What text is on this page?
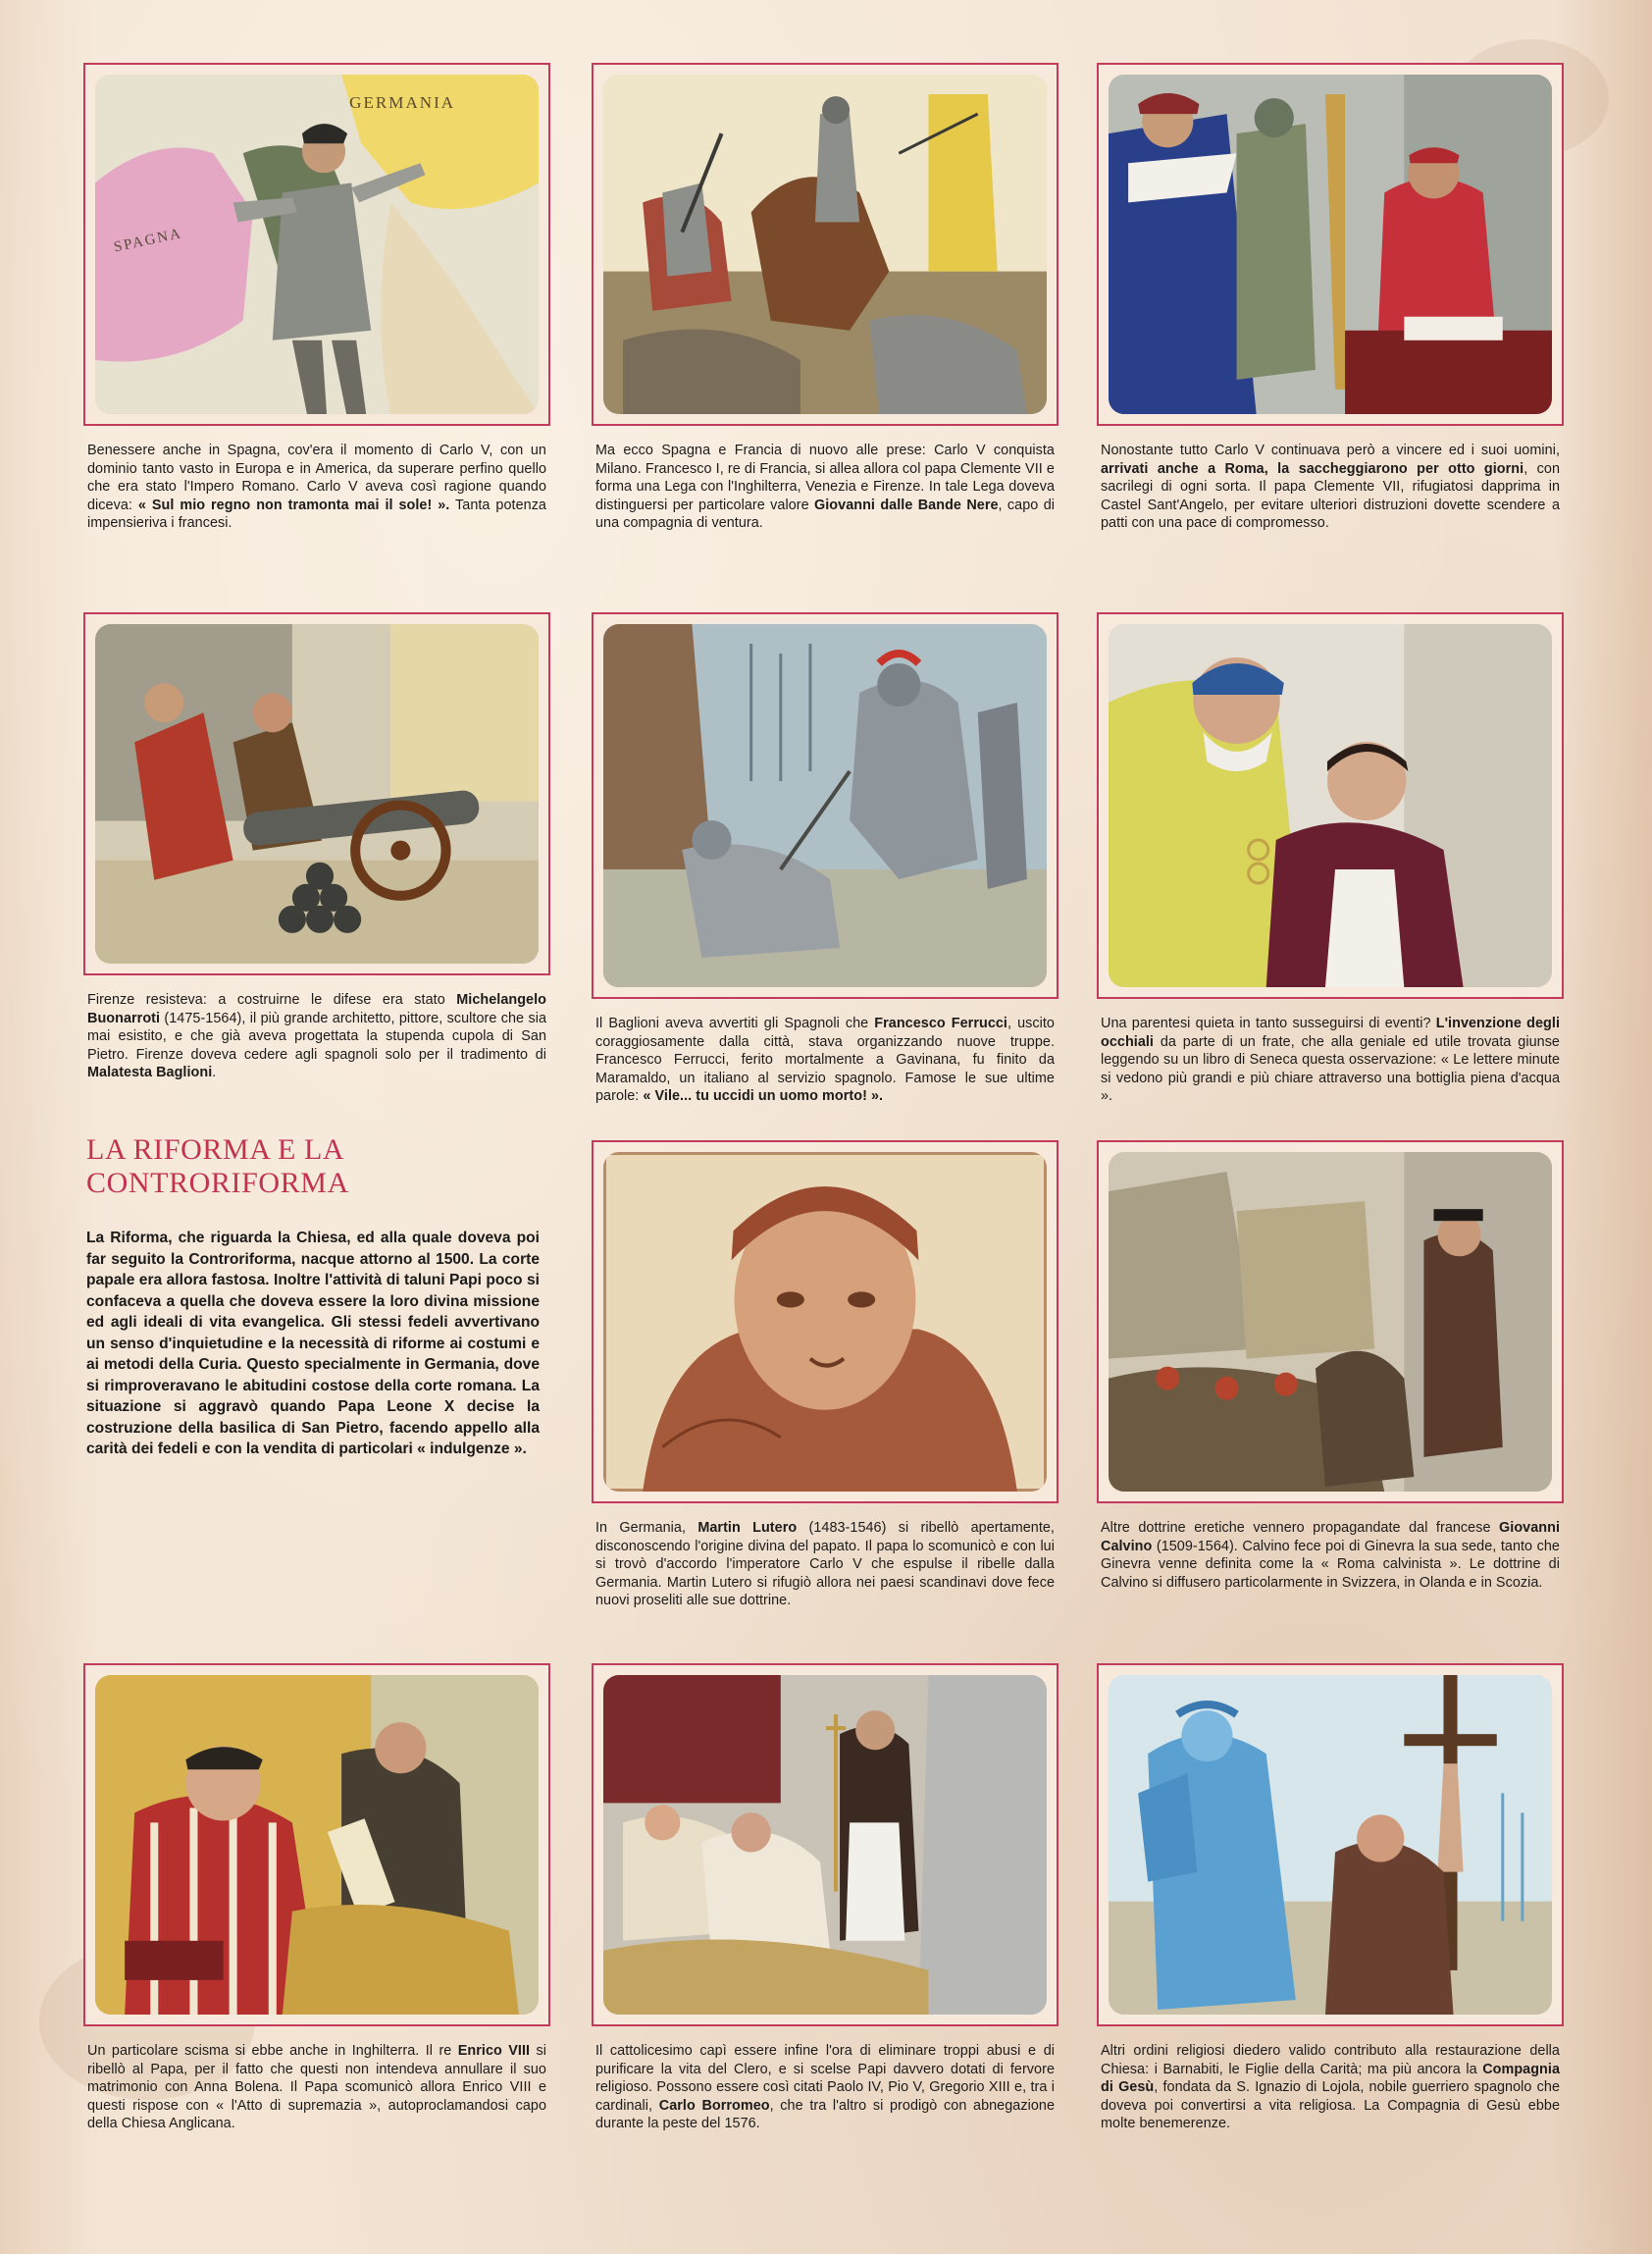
GERMANIA
SPAGNA
Benessere anche in Spagna, cov'era il momento di Carlo V, con un dominio tanto vasto in Europa e in America, da superare perfino quello che era stato l'Impero Romano. Carlo V aveva così ragione quando diceva: « Sul mio regno non tramonta mai il sole! ». Tanta potenza impensieriva i francesi.
Ma ecco Spagna e Francia di nuovo alle prese: Carlo V conquista Milano. Francesco I, re di Francia, si allea allora col papa Clemente VII e forma una Lega con l'Inghilterra, Venezia e Firenze. In tale Lega doveva distinguersi per particolare valore Giovanni dalle Bande Nere, capo di una compagnia di ventura.
Nonostante tutto Carlo V continuava però a vincere ed i suoi uomini, arrivati anche a Roma, la saccheggiarono per otto giorni, con sacrilegi di ogni sorta. Il papa Clemente VII, rifugiatosi dapprima in Castel Sant'Angelo, per evitare ulteriori distruzioni dovette scendere a patti con una pace di compromesso.
Firenze resisteva: a costruirne le difese era stato Michelangelo Buonarroti (1475-1564), il più grande architetto, pittore, scultore che sia mai esistito, e che già aveva progettata la stupenda cupola di San Pietro. Firenze doveva cedere agli spagnoli solo per il tradimento di Malatesta Baglioni.
Il Baglioni aveva avvertiti gli Spagnoli che Francesco Ferrucci, uscito coraggiosamente dalla città, stava organizzando nuove truppe. Francesco Ferrucci, ferito mortalmente a Gavinana, fu finito da Maramaldo, un italiano al servizio spagnolo. Famose le sue ultime parole: « Vile... tu uccidi un uomo morto! ».
Una parentesi quieta in tanto susseguirsi di eventi? L'invenzione degli occhiali da parte di un frate, che alla geniale ed utile trovata giunse leggendo su un libro di Seneca questa osservazione: « Le lettere minute si vedono più grandi e più chiare attraverso una bottiglia piena d'acqua ».
LA RIFORMA E LA
CONTRORIFORMA
La Riforma, che riguarda la Chiesa, ed alla quale doveva poi far seguito la Controriforma, nacque attorno al 1500. La corte papale era allora fastosa. Inoltre l'attività di taluni Papi poco si confaceva a quella che doveva essere la loro divina missione ed agli ideali di vita evangelica. Gli stessi fedeli avvertivano un senso d'inquietudine e la necessità di riforme ai costumi e ai metodi della Curia. Questo specialmente in Germania, dove si rimproveravano le abitudini costose della corte romana. La situazione si aggravò quando Papa Leone X decise la costruzione della basilica di San Pietro, facendo appello alla carità dei fedeli e con la vendita di particolari « indulgenze ».
In Germania, Martin Lutero (1483-1546) si ribellò apertamente, disconoscendo l'origine divina del papato. Il papa lo scomunicò e con lui si trovò d'accordo l'imperatore Carlo V che espulse il ribelle dalla Germania. Martin Lutero si rifugiò allora nei paesi scandinavi dove fece nuovi proseliti alle sue dottrine.
Altre dottrine eretiche vennero propagandate dal francese Giovanni Calvino (1509-1564). Calvino fece poi di Ginevra la sua sede, tanto che Ginevra venne definita come la « Roma calvinista ». Le dottrine di Calvino si diffusero particolarmente in Svizzera, in Olanda e in Scozia.
Un particolare scisma si ebbe anche in Inghilterra. Il re Enrico VIII si ribellò al Papa, per il fatto che questi non intendeva annullare il suo matrimonio con Anna Bolena. Il Papa scomunicò allora Enrico VIII e questi rispose con « l'Atto di supremazia », autoproclamandosi capo della Chiesa Anglicana.
Il cattolicesimo capì essere infine l'ora di eliminare troppi abusi e di purificare la vita del Clero, e si scelse Papi davvero dotati di fervore religioso. Possono essere così citati Paolo IV, Pio V, Gregorio XIII e, tra i cardinali, Carlo Borromeo, che tra l'altro si prodigò con abnegazione durante la peste del 1576.
Altri ordini religiosi diedero valido contributo alla restaurazione della Chiesa: i Barnabiti, le Figlie della Carità; ma più ancora la Compagnia di Gesù, fondata da S. Ignazio di Lojola, nobile guerriero spagnolo che doveva poi convertirsi a vita religiosa. La Compagnia di Gesù ebbe molte benemerenze.
